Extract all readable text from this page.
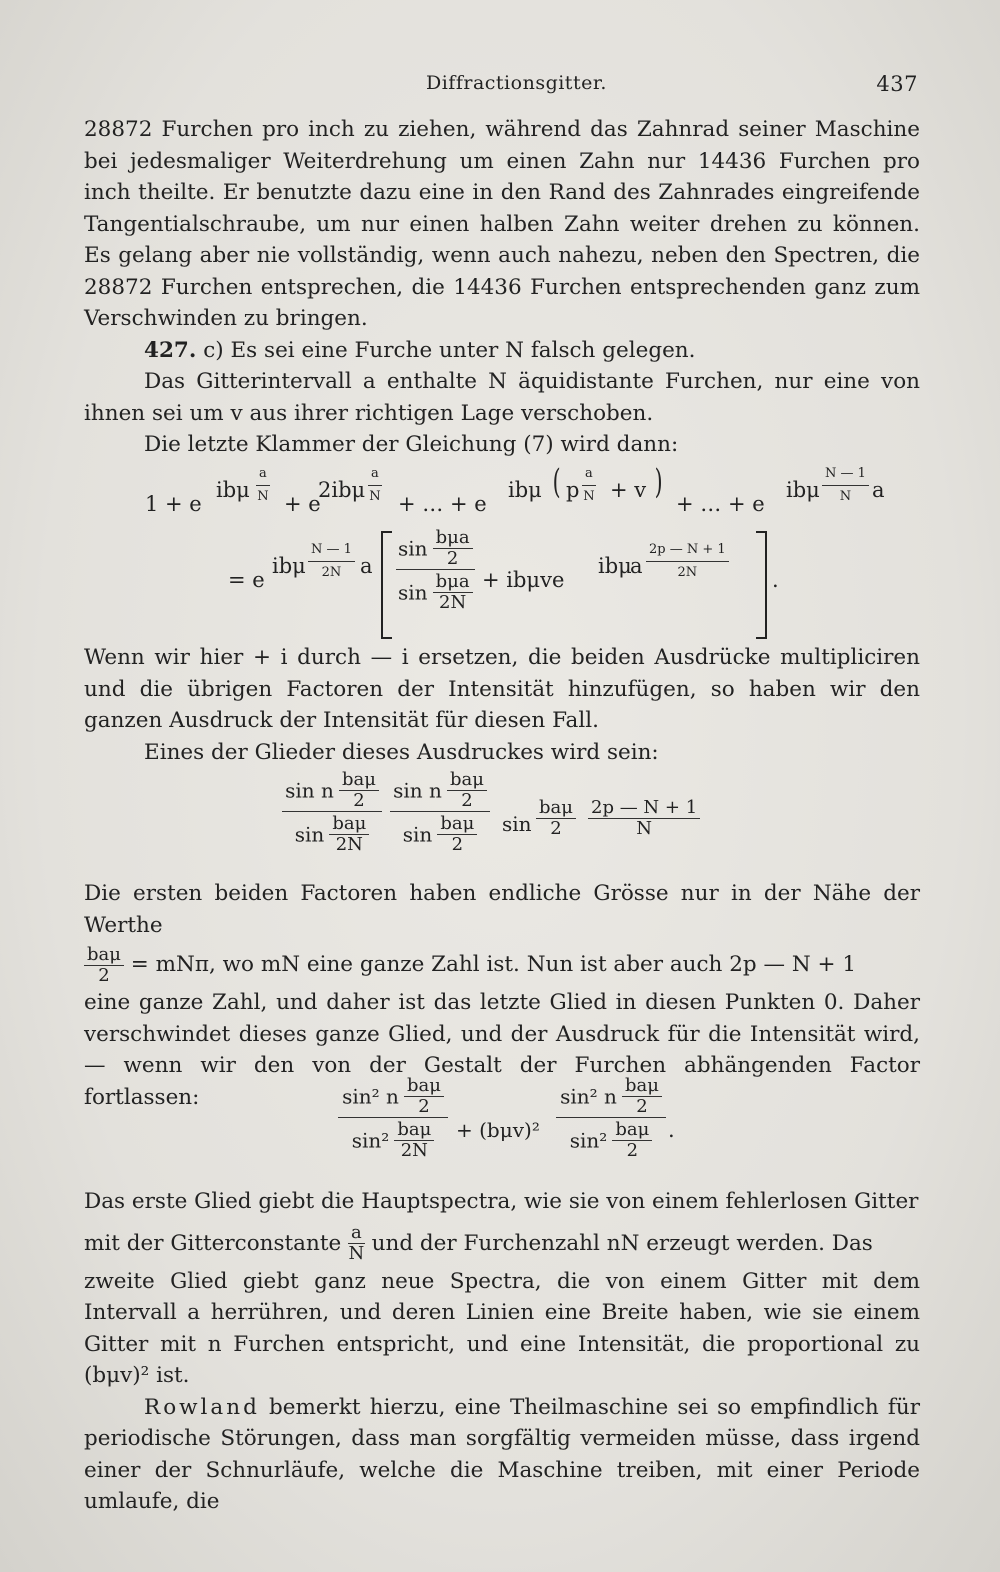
Diffractionsgitter.	437

28872 Furchen pro inch zu ziehen, während das Zahnrad seiner Maschine bei jedesmaliger Weiterdrehung um einen Zahn nur 14436 Furchen pro inch theilte. Er benutzte dazu eine in den Rand des Zahnrades eingreifende Tangentialschraube, um nur einen halben Zahn weiter drehen zu können. Es gelang aber nie vollständig, wenn auch nahezu, neben den Spectren, die 28872 Furchen entsprechen, die 14436 Furchen entsprechenden ganz zum Verschwinden zu bringen.

427. c) Es sei eine Furche unter N falsch gelegen.

Das Gitterintervall a enthalte N äquidistante Furchen, nur eine von ihnen sei um v aus ihrer richtigen Lage verschoben.

Die letzte Klammer der Gleichung (7) wird dann:

1 + e
ibμ $\frac{a}{N} + e$
$2ib\mu \frac{a}{N}$ + … + e
ibμ ( p $\frac{a}{N} + v$ )
+ … + e
ibμ $\frac{N — 1}{N}$ a
= e
ibμ $\frac{N — 1}{2N}$ a
$\sin \frac{\text{bμa}}{2}$
$\sin \frac{\text{bμa}}{2N} + ib\mu ve$
ibμ
a $\frac{2p — N + 1}{2N}$ .

Wenn wir hier + i durch — i ersetzen, die beiden Ausdrücke multipliciren und die übrigen Factoren der Intensität hinzufügen, so haben wir den ganzen Ausdruck der Intensität für diesen Fall.

Eines der Glieder dieses Ausdruckes wird sein:

sin n $\frac{\text{baμ}}{2}$
$\sin \frac{\text{baμ}}{2N}$
sin n $\frac{\text{baμ}}{2}$
$\sin \frac{\text{baμ}}{2}$ sin
baμ
2	$\frac{2p — N + 1}{N}$

Die ersten beiden Factoren haben endliche Grösse nur in der Nähe der Werthe

$\frac{\text{baμ}}{2} = mN\pi$, wo mN eine ganze Zahl ist. Nun ist aber auch 2p — N + 1

eine ganze Zahl, und daher ist das letzte Glied in diesen Punkten 0. Daher verschwindet dieses ganze Glied, und der Ausdruck für die Intensität wird, — wenn wir den von der Gestalt der Furchen abhängenden Factor fortlassen:	sin² n $\frac{\text{baμ}}{2}$
$\sin^2 \frac{\text{baμ}}{2N} + (b\mu v)^2$
sin² n $\frac{\text{baμ}}{2}$
$\sin^2 \frac{\text{baμ}}{2}$ .

Das erste Glied giebt die Hauptspectra, wie sie von einem fehlerlosen Gitter

mit der Gitterconstante $\frac{a}{N}$ und der Furchenzahl nN erzeugt werden. Das

zweite Glied giebt ganz neue Spectra, die von einem Gitter mit dem Intervall a herrühren, und deren Linien eine Breite haben, wie sie einem Gitter mit n Furchen entspricht, und eine Intensität, die proportional zu (bμv)² ist.

Rowland bemerkt hierzu, eine Theilmaschine sei so empfindlich für periodische Störungen, dass man sorgfältig vermeiden müsse, dass irgend einer der Schnurläufe, welche die Maschine treiben, mit einer Periode umlaufe, die
